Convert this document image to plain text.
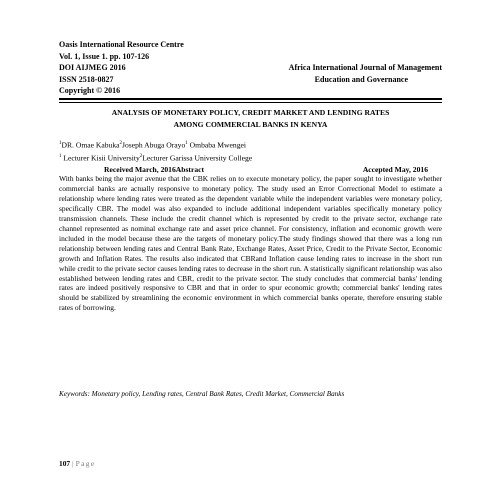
Oasis International Resource Centre
Vol. 1, Issue 1. pp. 107-126
DOI AIJMEG 2016	Africa International Journal of Management
ISSN 2518-0827	Education and Governance
Copyright © 2016
ANALYSIS OF MONETARY POLICY, CREDIT MARKET AND LENDING RATES
AMONG COMMERCIAL BANKS IN KENYA
$^1$DR. Omae Kabuka$^2$Joseph Abuga Orayo$^1$ Ombaba Mwengei
$^1$ Lecturer Kisii University$^2$Lecturer Garissa University College
Received March, 2016Abstract	Accepted May, 2016
With banks being the major avenue that the CBK relies on to execute monetary policy, the paper sought to investigate whether commercial banks are actually responsive to monetary policy. The study used an Error Correctional Model to estimate a relationship where lending rates were treated as the dependent variable while the independent variables were monetary policy, specifically CBR. The model was also expanded to include additional independent variables specifically monetary policy transmission channels. These include the credit channel which is represented by credit to the private sector, exchange rate channel represented as nominal exchange rate and asset price channel. For consistency, inflation and economic growth were included in the model because these are the targets of monetary policy.The study findings showed that there was a long run relationship between lending rates and Central Bank Rate, Exchange Rates, Asset Price, Credit to the Private Sector, Economic growth and Inflation Rates. The results also indicated that CBRand Inflation cause lending rates to increase in the short run while credit to the private sector causes lending rates to decrease in the short run. A statistically significant relationship was also established between lending rates and CBR, credit to the private sector. The study concludes that commercial banks' lending rates are indeed positively responsive to CBR and that in order to spur economic growth; commercial banks' lending rates should be stabilized by streamlining the economic environment in which commercial banks operate, therefore ensuring stable rates of borrowing.
Keywords: Monetary policy, Lending rates, Central Bank Rates, Credit Market, Commercial Banks
107 | Page
